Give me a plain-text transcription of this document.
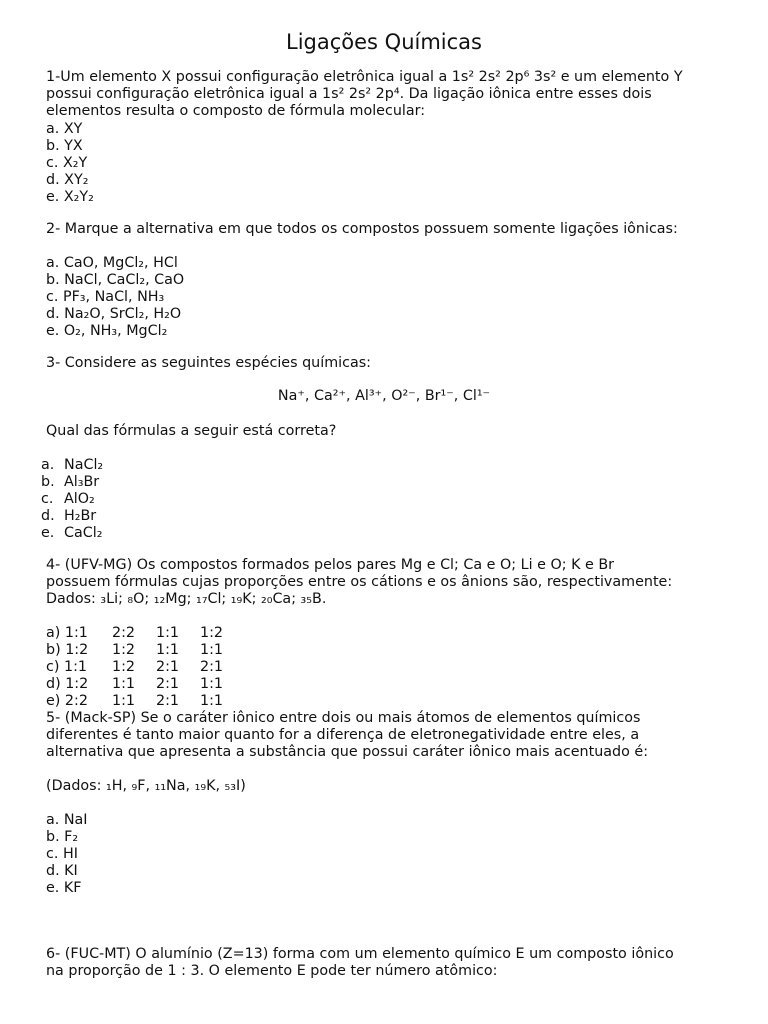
Ligações Químicas

1-Um elemento X possui configuração eletrônica igual a 1s² 2s² 2p⁶ 3s² e um elemento Y

possui configuração eletrônica igual a 1s² 2s² 2p⁴. Da ligação iônica entre esses dois

elementos resulta o composto de fórmula molecular:

a. XY

b. YX

c. X₂Y

d. XY₂

e. X₂Y₂

2- Marque a alternativa em que todos os compostos possuem somente ligações iônicas:

a. CaO, MgCl₂, HCl

b. NaCl, CaCl₂, CaO

c. PF₃, NaCl, NH₃

d. Na₂O, SrCl₂, H₂O

e. O₂, NH₃, MgCl₂

3- Considere as seguintes espécies químicas:

Na⁺, Ca²⁺, Al³⁺, O²⁻, Br¹⁻, Cl¹⁻

Qual das fórmulas a seguir está correta?

a. NaCl₂

b. Al₃Br

c. AlO₂

d. H₂Br

e. CaCl₂

4- (UFV-MG) Os compostos formados pelos pares Mg e Cl; Ca e O; Li e O; K e Br

possuem fórmulas cujas proporções entre os cátions e os ânions são, respectivamente:

Dados: ₃Li; ₈O; ₁₂Mg; ₁₇Cl; ₁₉K; ₂₀Ca; ₃₅B.

a) 1:1 2:2 1:1 1:2

b) 1:2 1:2 1:1 1:1

c) 1:1 1:2 2:1 2:1

d) 1:2 1:1 2:1 1:1

e) 2:2 1:1 2:1 1:1

5- (Mack-SP) Se o caráter iônico entre dois ou mais átomos de elementos químicos

diferentes é tanto maior quanto for a diferença de eletronegatividade entre eles, a

alternativa que apresenta a substância que possui caráter iônico mais acentuado é:

(Dados: ₁H, ₉F, ₁₁Na, ₁₉K, ₅₃I)

a. NaI

b. F₂

c. HI

d. KI

e. KF

6- (FUC-MT) O alumínio (Z=13) forma com um elemento químico E um composto iônico

na proporção de 1 : 3. O elemento E pode ter número atômico:
